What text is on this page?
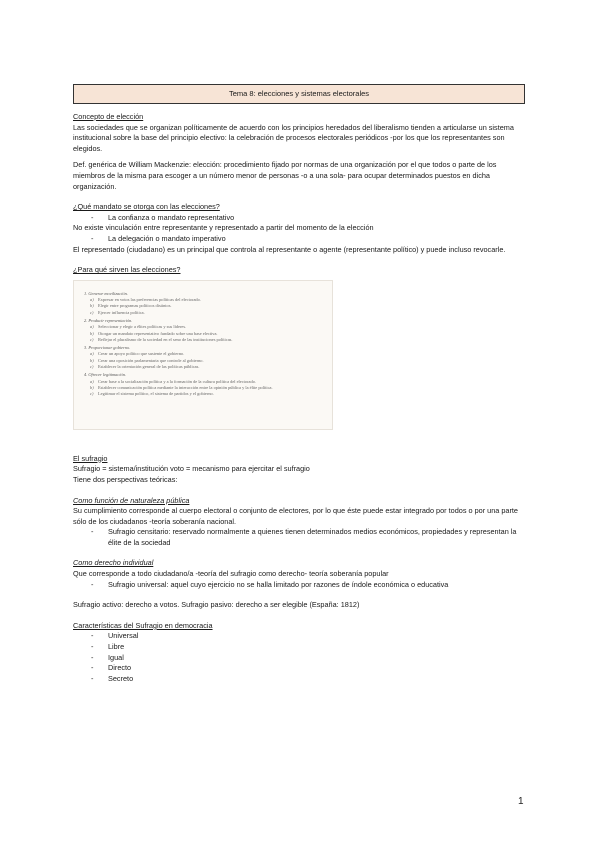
Tema 8: elecciones y sistemas electorales

Concepto de elección

Las sociedades que se organizan políticamente de acuerdo con los principios heredados del liberalismo tienden a articularse un sistema institucional sobre la base del principio electivo: la celebración de procesos electorales periódicos -por los que los representantes son elegidos.

Def. genérica de William Mackenzie: elección: procedimiento fijado por normas de una organización por el que todos o parte de los miembros de la misma para escoger a un número menor de personas -o a una sola- para ocupar determinados puestos en dicha organización.

¿Qué mandato se otorga con las elecciones?

- La confianza o mandato representativo

No existe vinculación entre representante y representado a partir del momento de la elección

- La delegación o mandato imperativo

El representado (ciudadano) es un principal que controla al representante o agente (representante político) y puede incluso revocarle.

¿Para qué sirven las elecciones?

1. Generar movilización.
a) Expresar en votos las preferencias políticas del electorado.
b) Elegir entre programas políticos distintos.
c) Ejercer influencia política.
2. Producir representación.
a) Seleccionar y elegir a élites políticas y sus líderes.
b) Otorgar un mandato representativo fundado sobre una base electiva.
c) Reflejar el pluralismo de la sociedad en el seno de las instituciones políticas.
3. Proporcionar gobierno.
a) Crear un apoyo político que sustente el gobierno.
b) Crear una oposición parlamentaria que controle al gobierno.
c) Establecer la orientación general de las políticas públicas.
4. Ofrecer legitimación.
a) Crear base a la socialización política y a la formación de la cultura política del electorado.
b) Establecer comunicación política mediante la interacción entre la opinión pública y la élite política.
c) Legitimar el sistema político, el sistema de partidos y el gobierno.

El sufragio

Sufragio = sistema/institución voto = mecanismo para ejercitar el sufragio

Tiene dos perspectivas teóricas:

Como función de naturaleza pública

Su cumplimiento corresponde al cuerpo electoral o conjunto de electores, por lo que éste puede estar integrado por todos o por una parte sólo de los ciudadanos -teoría soberanía nacional.

- Sufragio censitario: reservado normalmente a quienes tienen determinados medios económicos, propiedades y representan la élite de la sociedad

Como derecho individual

Que corresponde a todo ciudadano/a -teoría del sufragio como derecho- teoría soberanía popular

- Sufragio universal: aquel cuyo ejercicio no se halla limitado por razones de índole económica o educativa

Sufragio activo: derecho a votos. Sufragio pasivo: derecho a ser elegible (España: 1812)

Características del Sufragio en democracia

- Universal
- Libre
- Igual
- Directo
- Secreto
1
